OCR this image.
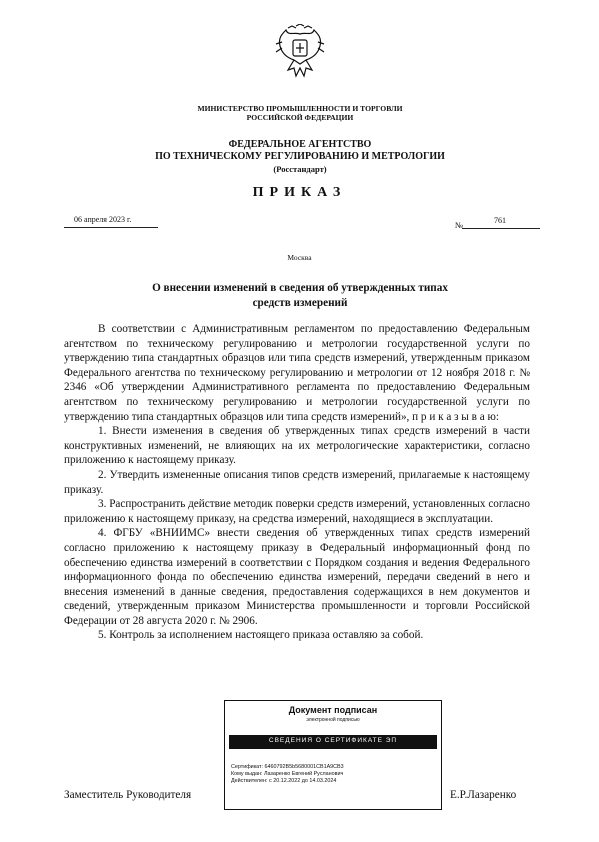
МИНИСТЕРСТВО ПРОМЫШЛЕННОСТИ И ТОРГОВЛИ
РОССИЙСКОЙ ФЕДЕРАЦИИ
ФЕДЕРАЛЬНОЕ АГЕНТСТВО
ПО ТЕХНИЧЕСКОМУ РЕГУЛИРОВАНИЮ И МЕТРОЛОГИИ
(Росстандарт)
ПРИКАЗ
06 апреля 2023 г.
№	761
Москва
О внесении изменений в сведения об утвержденных типах
средств измерений

В соответствии с Административным регламентом по предоставлению Федеральным агентством по техническому регулированию и метрологии государственной услуги по утверждению типа стандартных образцов или типа средств измерений, утвержденным приказом Федерального агентства по техническому регулированию и метрологии от 12 ноября 2018 г. № 2346 «Об утверждении Административного регламента по предоставлению Федеральным агентством по техническому регулированию и метрологии государственной услуги по утверждению типа стандартных образцов или типа средств измерений», п р и к а з ы в а ю:

1. Внести изменения в сведения об утвержденных типах средств измерений в части конструктивных изменений, не влияющих на их метрологические характеристики, согласно приложению к настоящему приказу.

2. Утвердить измененные описания типов средств измерений, прилагаемые к настоящему приказу.

3. Распространить действие методик поверки средств измерений, установленных согласно приложению к настоящему приказу, на средства измерений, находящиеся в эксплуатации.

4. ФГБУ «ВНИИМС» внести сведения об утвержденных типах средств измерений согласно приложению к настоящему приказу в Федеральный информационный фонд по обеспечению единства измерений в соответствии с Порядком создания и ведения Федерального информационного фонда по обеспечению единства измерений, передачи сведений в него и внесения изменений в данные сведения, предоставления содержащихся в нем документов и сведений, утвержденным приказом Министерства промышленности и торговли Российской Федерации от 28 августа 2020 г. № 2906.

5. Контроль за исполнением настоящего приказа оставляю за собой.

Заместитель Руководителя	Е.Р.Лазаренко
Документ подписан
электронной подписью
СВЕДЕНИЯ О СЕРТИФИКАТЕ ЭП
Сертификат: 6460792B5b5680001CB1A9CB3
Кому выдан: Лазаренко Евгений Русланович
Действителен: с 20.12.2022 до 14.03.2024
